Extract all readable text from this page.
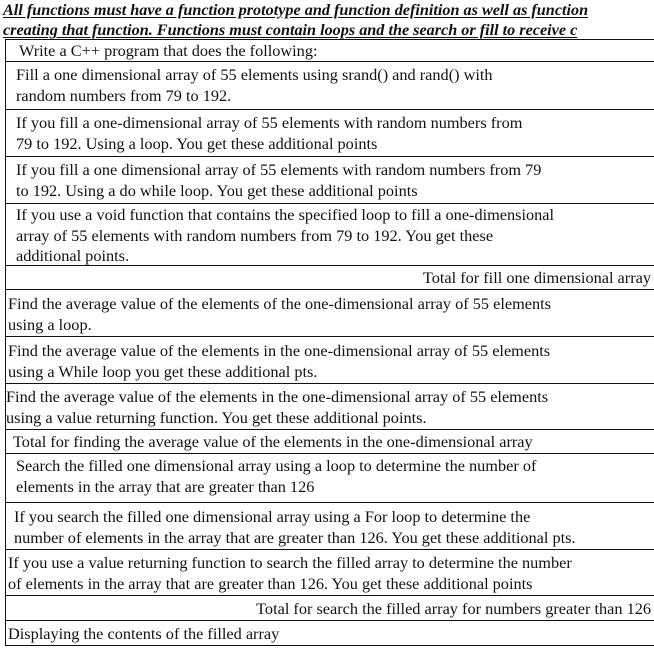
All functions must have a function prototype and function definition as well as function
creating that function. Functions must contain loops and the search or fill to receive c
Write a C++ program that does the following:
Fill a one dimensional array of 55 elements using srand() and rand() with
random numbers from 79 to 192.
If you fill a one-dimensional array of 55 elements with random numbers from
79 to 192. Using a loop. You get these additional points
If you fill a one dimensional array of 55 elements with random numbers from 79
to 192. Using a do while loop. You get these additional points
If you use a void function that contains the specified loop to fill a one-dimensional
array of 55 elements with random numbers from 79 to 192. You get these
additional points.
Total for fill one dimensional array
Find the average value of the elements of the one-dimensional array of 55 elements
using a loop.
Find the average value of the elements in the one-dimensional array of 55 elements
using a While loop you get these additional pts.
Find the average value of the elements in the one-dimensional array of 55 elements
using a value returning function. You get these additional points.
Total for finding the average value of the elements in the one-dimensional array
Search the filled one dimensional array using a loop to determine the number of
elements in the array that are greater than 126
If you search the filled one dimensional array using a For loop to determine the
number of elements in the array that are greater than 126. You get these additional pts.
If you use a value returning function to search the filled array to determine the number
of elements in the array that are greater than 126. You get these additional points
Total for search the filled array for numbers greater than 126
Displaying the contents of the filled array
